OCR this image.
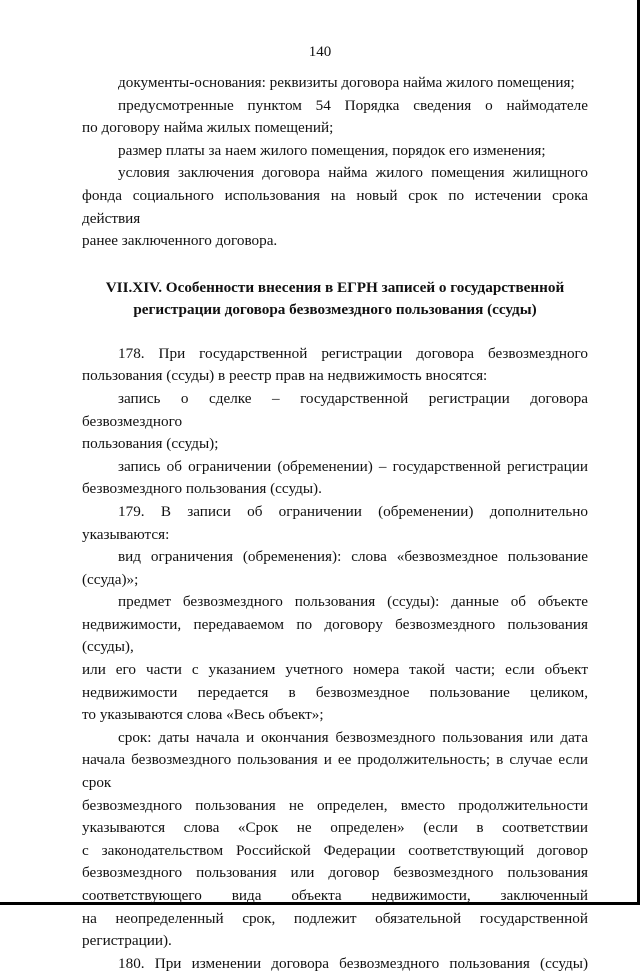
140
документы-основания: реквизиты договора найма жилого помещения;
предусмотренные пунктом 54 Порядка сведения о наймодателе
по договору найма жилых помещений;
размер платы за наем жилого помещения, порядок его изменения;
условия заключения договора найма жилого помещения жилищного
фонда социального использования на новый срок по истечении срока действия
ранее заключенного договора.
VII.XIV. Особенности внесения в ЕГРН записей о государственной
регистрации договора безвозмездного пользования (ссуды)
178. При государственной регистрации договора безвозмездного
пользования (ссуды) в реестр прав на недвижимость вносятся:
запись о сделке – государственной регистрации договора безвозмездного
пользования (ссуды);
запись об ограничении (обременении) – государственной регистрации
безвозмездного пользования (ссуды).
179. В записи об ограничении (обременении) дополнительно
указываются:
вид ограничения (обременения): слова «безвозмездное пользование
(ссуда)»;
предмет безвозмездного пользования (ссуды): данные об объекте
недвижимости, передаваемом по договору безвозмездного пользования (ссуды),
или его части с указанием учетного номера такой части; если объект
недвижимости передается в безвозмездное пользование целиком,
то указываются слова «Весь объект»;
срок: даты начала и окончания безвозмездного пользования или дата
начала безвозмездного пользования и ее продолжительность; в случае если срок
безвозмездного пользования не определен, вместо продолжительности
указываются слова «Срок не определен» (если в соответствии
с законодательством Российской Федерации соответствующий договор
безвозмездного пользования или договор безвозмездного пользования
соответствующего вида объекта недвижимости, заключенный
на неопределенный срок, подлежит обязательной государственной
регистрации).
180. При изменении договора безвозмездного пользования (ссуды)
